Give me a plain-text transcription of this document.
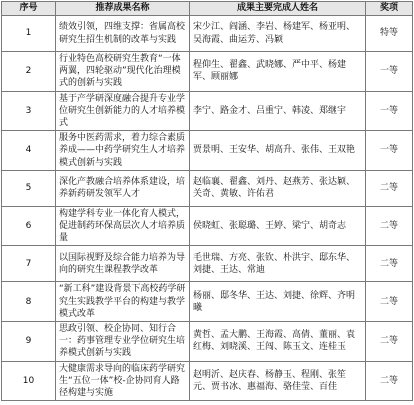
序号	推荐成果名称	成果主要完成人姓名	奖项
1	绩效引领，四维支撑：省属高校研究生招生机制的改革与实践	宋少江、阎涵、李岩、杨建军、杨亚明、吴海霞、曲运芳、冯颖	特等
2	行业特色高校研究生教育“一体两翼，四轮驱动”现代化治理模式的创新与实践	程仰生、翟鑫、武晓娜、严中平、杨建军、顾丽娜	一等
3	基于产学研深度融合提升专业学位研究生创新能力的人才培养模式	李宁、路金才、吕重宁、韩凌、郑继宇	一等
4	服务中医药需求，着力综合素质养成——中药学研究生人才培养模式创新与实践	贾景明、王安华、胡高升、张伟、王双艳	一等
5	深化产教融合培养体系建设，培养新药研发领军人才	赵临襄、翟鑫、刘丹、赵燕芳、张达颖、关奇、黄敏、许佑君	二等
6	构建学科专业一体化育人模式，促进制药环保高层次人才培养质量	侯晓虹、张聪璐、王婷、梁宁、胡奇志	二等
7	以国际视野及综合能力培养为导向的研究生课程教学改革	毛世瑞、方亮、张钦、朴洪宇、邸东华、刘捷、王达、常迪	二等
8	“新工科”建设背景下高校药学研究生实践教学平台的构建与教学模式改革	杨丽、邸冬华、王达、刘捷、徐辉、齐明曦	二等
9	思政引领、校企协同、知行合一：药事管理专业学位研究生培养模式创新与实践	黄哲、孟大鹏、王海霞、高倩、董丽、袁红梅、刘晓溪、王闯、陈玉文、连桂玉	二等
10	大健康需求导向的临床药学研究生“五位一体”校-企协同育人路径构建与实施	赵明沂、赵庆春、杨静玉、程刚、张笙元、贾书冰、惠福海、骆佳莹、百佳	二等
